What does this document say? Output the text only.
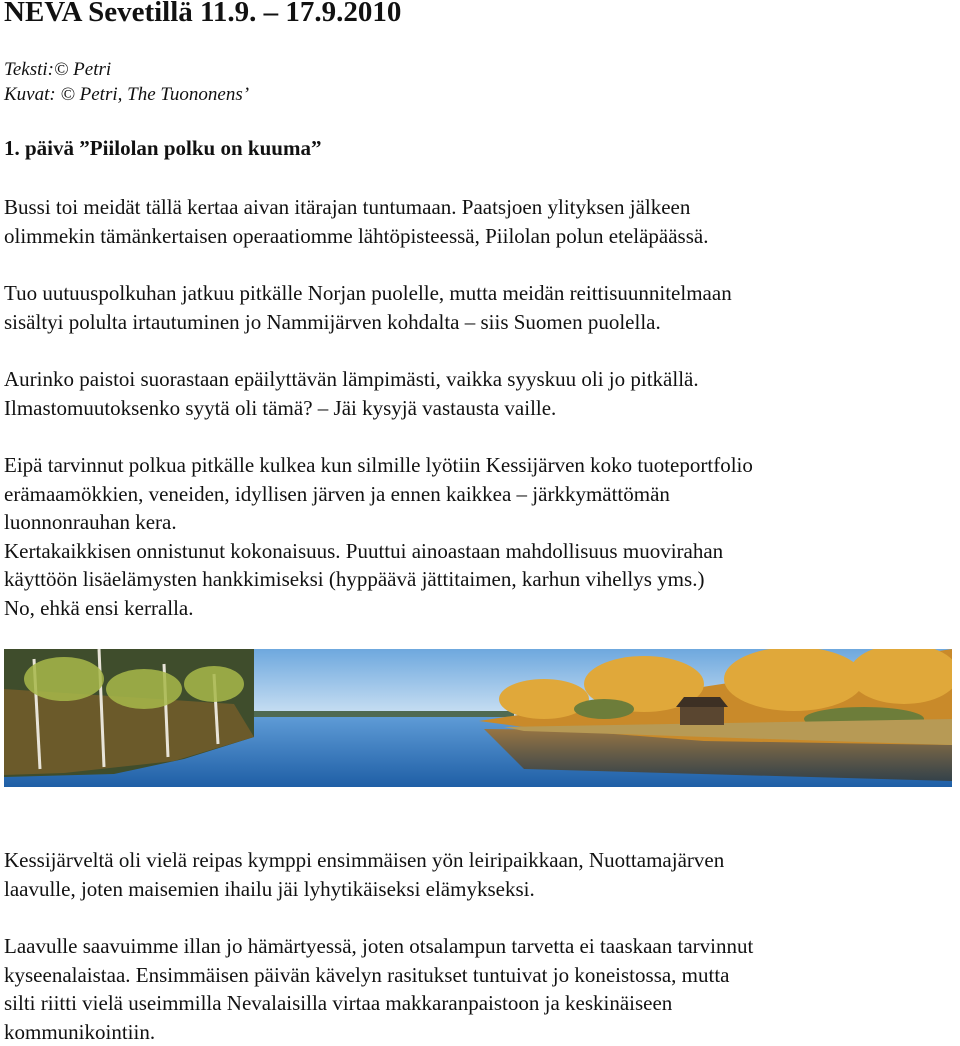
NEVA Sevetillä 11.9. – 17.9.2010
Teksti:© Petri
Kuvat: © Petri, The Tuononens’
1. päivä ”Piilolan polku on kuuma”

Bussi toi meidät tällä kertaa aivan itärajan tuntumaan. Paatsjoen ylityksen jälkeen
olimmekin tämänkertaisen operaatiomme lähtöpisteessä, Piilolan polun eteläpäässä.

Tuo uutuuspolkuhan jatkuu pitkälle Norjan puolelle, mutta meidän reittisuunnitelmaan
sisältyi polulta irtautuminen jo Nammijärven kohdalta – siis Suomen puolella.

Aurinko paistoi suorastaan epäilyttävän lämpimästi, vaikka syyskuu oli jo pitkällä.
Ilmastomuutoksenko syytä oli tämä? – Jäi kysyjä vastausta vaille.

Eipä tarvinnut polkua pitkälle kulkea kun silmille lyötiin Kessijärven koko tuoteportfolio
erämaamökkien, veneiden, idyllisen järven ja ennen kaikkea – järkkymättömän
luonnonrauhan kera.
Kertakaikkisen onnistunut kokonaisuus. Puuttui ainoastaan mahdollisuus muovirahan
käyttöön lisäelämysten hankkimiseksi (hyppäävä jättitaimen, karhun vihellys yms.)
No, ehkä ensi kerralla.

Kessijärveltä oli vielä reipas kymppi ensimmäisen yön leiripaikkaan, Nuottamajärven
laavulle, joten maisemien ihailu jäi lyhytikäiseksi elämykseksi.

Laavulle saavuimme illan jo hämärtyessä, joten otsalampun tarvetta ei taaskaan tarvinnut
kyseenalaistaa. Ensimmäisen päivän kävelyn rasitukset tuntuivat jo koneistossa, mutta
silti riitti vielä useimmilla Nevalaisilla virtaa makkaranpaistoon ja keskinäiseen
kommunikointiin.
